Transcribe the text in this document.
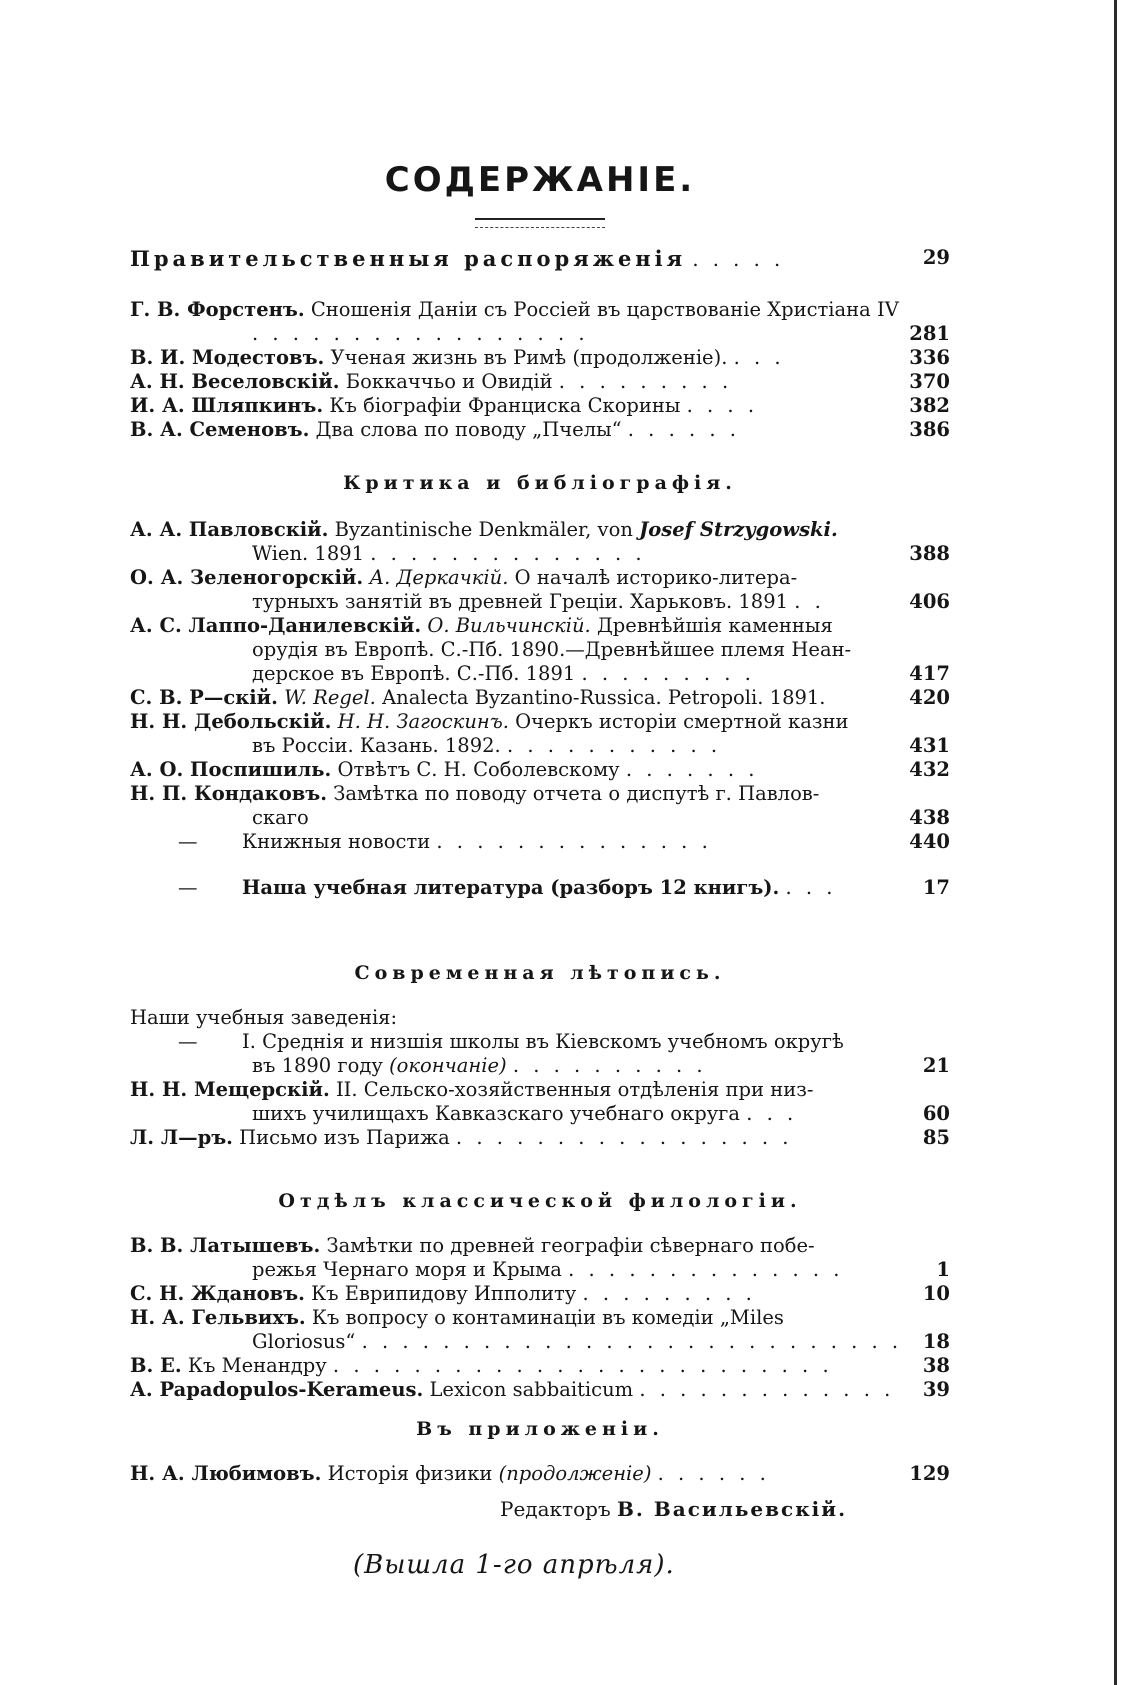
СОДЕРЖАНІЕ.
Правительственныя распоряженія . . . . .	29
Г. В. Форстенъ. Сношенія Даніи съ Россіей въ царствованіе Христіана IV
. . . . . . . . . . . . . . . . .	281
В. И. Модестовъ. Ученая жизнь въ Римѣ (продолженіе). . . .	336
А. Н. Веселовскій. Боккаччьо и Овидій . . . . . . . . .	370
И. А. Шляпкинъ. Къ біографіи Франциска Скорины . . . .	382
В. А. Семеновъ. Два слова по поводу „Пчелы“ . . . . . .	386
Критика и библіографія.
А. А. Павловскій. Byzantinische Denkmäler, von Josef Strzygowski.
Wien. 1891 . . . . . . . . . . . . . .	388
О. А. Зеленогорскій. А. Деркачкій. О началѣ историко-литера-
турныхъ занятій въ древней Греціи. Харьковъ. 1891 . .	406
А. С. Лаппо-Данилевскій. О. Вильчинскій. Древнѣйшія каменныя
орудія въ Европѣ. С.-Пб. 1890.—Древнѣйшее племя Неан-
дерское въ Европѣ. С.-Пб. 1891 . . . . . . . . .	417
С. В. Р—скій. W. Regel. Analecta Byzantino-Russica. Petropoli. 1891.	420
Н. Н. Дебольскій. Н. Н. Загоскинъ. Очеркъ исторіи смертной казни
въ Россіи. Казань. 1892. . . . . . . . . . . .	431
А. О. Поспишиль. Отвѣтъ С. Н. Соболевскому . . . . . . .	432
Н. П. Кондаковъ. Замѣтка по поводу отчета о диспутѣ г. Павлов-
скаго	438
— Книжныя новости . . . . . . . . . . . . . .	440
— Наша учебная литература (разборъ 12 книгъ). . . .	17
Современная лѣтопись.
Наши учебныя заведенія:
— I. Среднія и низшія школы въ Кіевскомъ учебномъ округѣ
въ 1890 году (окончаніе) . . . . . . . . . .	21
Н. Н. Мещерскій. II. Сельско-хозяйственныя отдѣленія при низ-
шихъ училищахъ Кавказскаго учебнаго округа . . .	60
Л. Л—ръ. Письмо изъ Парижа . . . . . . . . . . . . . . . . .	85
Отдѣлъ классической филологіи.
В. В. Латышевъ. Замѣтки по древней географіи сѣвернаго побе-
режья Чернаго моря и Крыма . . . . . . . . . . . . . .	1
С. Н. Ждановъ. Къ Еврипидову Ипполиту . . . . . . . . .	10
Н. А. Гельвихъ. Къ вопросу о контаминаціи въ комедіи „Miles
Gloriosus“ . . . . . . . . . . . . . . . . . . . . . . . . . . . 18
В. Е. Къ Менандру . . . . . . . . . . . . . . . . . . . . . . . . .	38
А. Papadopulos-Kerameus. Lexicon sabbaiticum . . . . . . . . . . . . . 39
Въ приложеніи.
Н. А. Любимовъ. Исторія физики (продолженіе) . . . . . .	129
Редакторъ В. Васильевскій.
(Вышла 1-го апрѣля).
